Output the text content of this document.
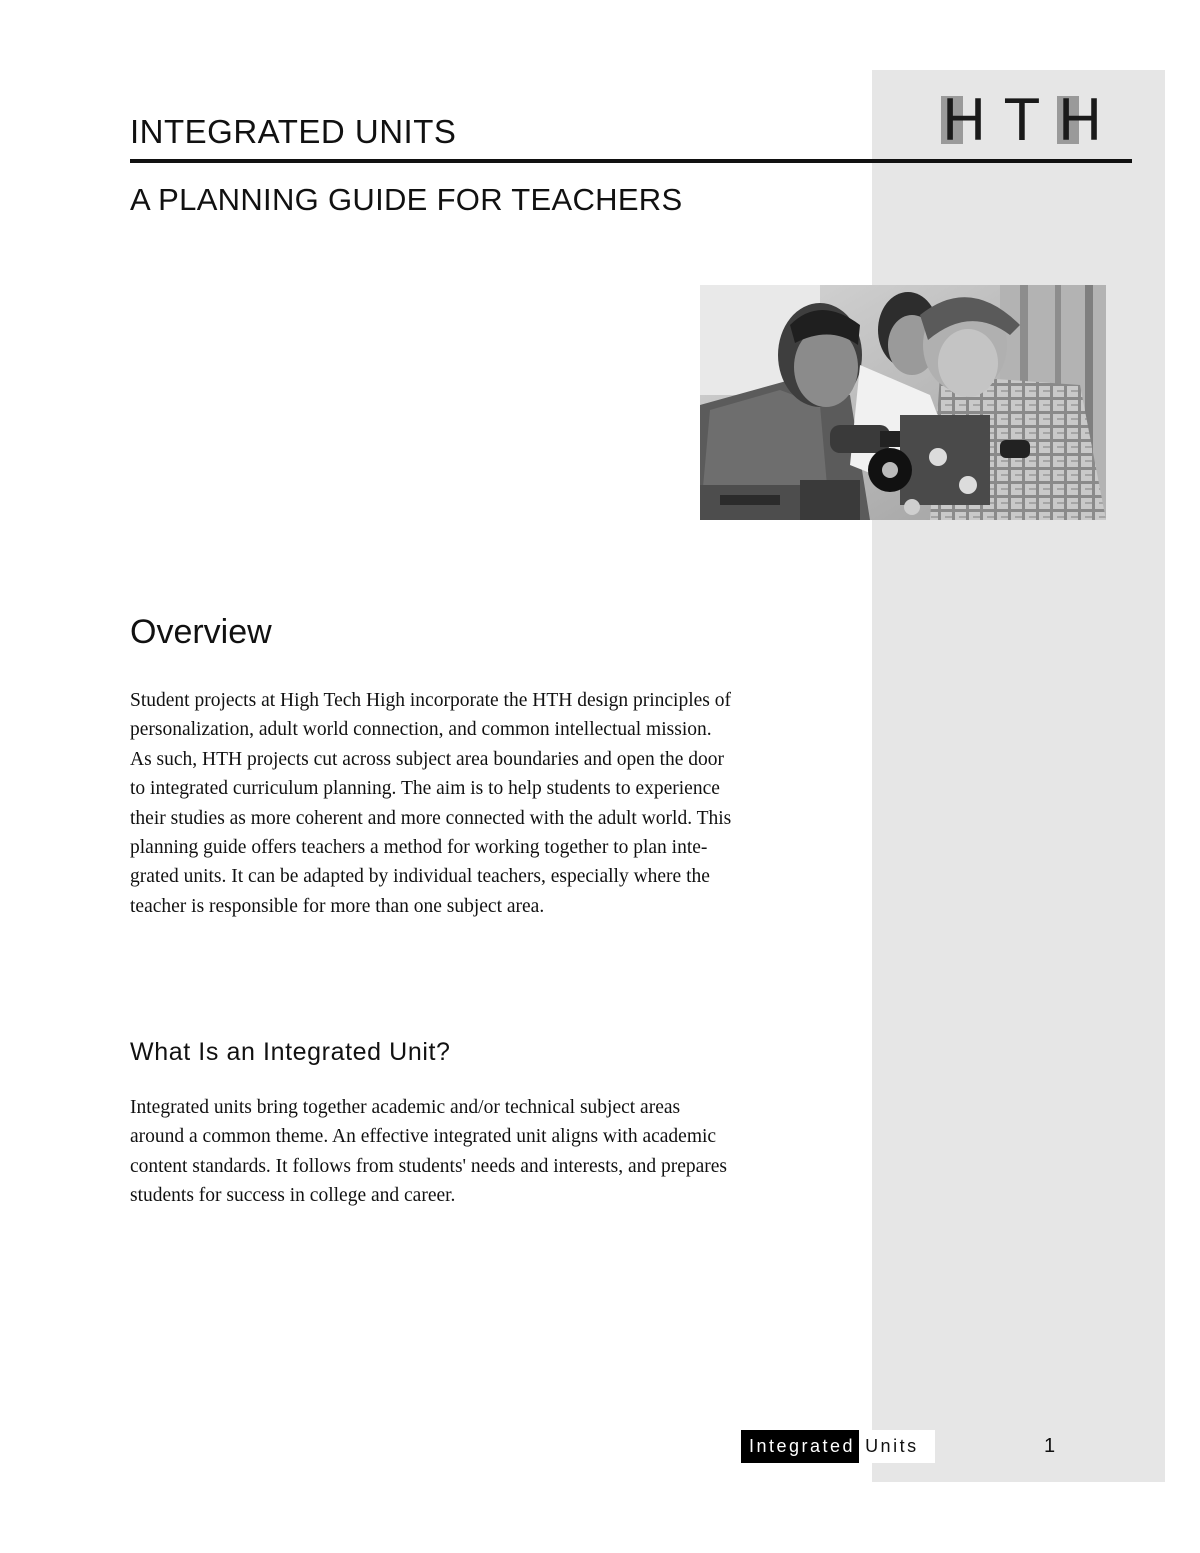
H T H
INTEGRATED UNITS
A PLANNING GUIDE FOR TEACHERS
Overview
Student projects at High Tech High incorporate the HTH design principles of
personalization, adult world connection, and common intellectual mission.
As such, HTH projects cut across subject area boundaries and open the door
to integrated curriculum planning. The aim is to help students to experience
their studies as more coherent and more connected with the adult world. This
planning guide offers teachers a method for working together to plan inte-
grated units. It can be adapted by individual teachers, especially where the
teacher is responsible for more than one subject area.
What Is an Integrated Unit?
Integrated units bring together academic and/or technical subject areas
around a common theme. An effective integrated unit aligns with academic
content standards. It follows from students' needs and interests, and prepares
students for success in college and career.
Integrated Units	1
